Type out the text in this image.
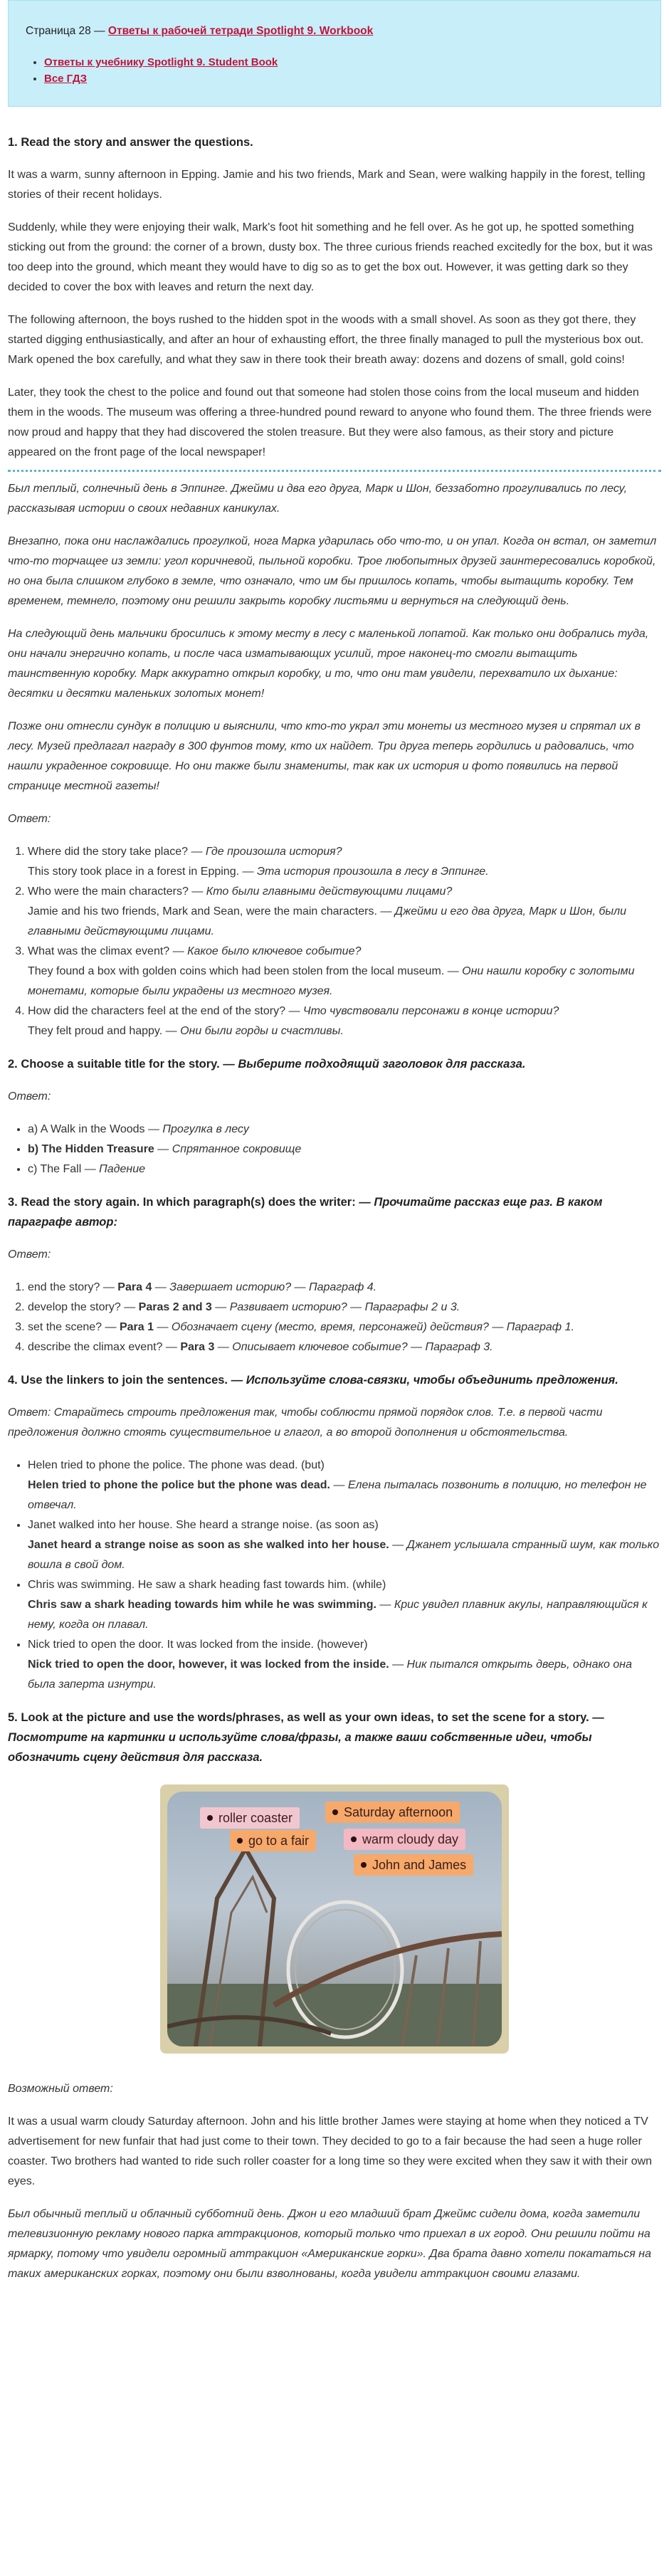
Страница 28 — Ответы к рабочей тетради Spotlight 9. Workbook
• Ответы к учебнику Spotlight 9. Student Book
• Все ГДЗ

1. Read the story and answer the questions.

It was a warm, sunny afternoon in Epping. Jamie and his two friends, Mark and Sean, were walking happily in the forest, telling stories of their recent holidays.

Suddenly, while they were enjoying their walk, Mark's foot hit something and he fell over. As he got up, he spotted something sticking out from the ground: the corner of a brown, dusty box. The three curious friends reached excitedly for the box, but it was too deep into the ground, which meant they would have to dig so as to get the box out. However, it was getting dark so they decided to cover the box with leaves and return the next day.

The following afternoon, the boys rushed to the hidden spot in the woods with a small shovel. As soon as they got there, they started digging enthusiastically, and after an hour of exhausting effort, the three finally managed to pull the mysterious box out. Mark opened the box carefully, and what they saw in there took their breath away: dozens and dozens of small, gold coins!

Later, they took the chest to the police and found out that someone had stolen those coins from the local museum and hidden them in the woods. The museum was offering a three-hundred pound reward to anyone who found them. The three friends were now proud and happy that they had discovered the stolen treasure. But they were also famous, as their story and picture appeared on the front page of the local newspaper!

Был теплый, солнечный день в Эппинге. Джейми и два его друга, Марк и Шон, беззаботно прогуливались по лесу, рассказывая истории о своих недавних каникулах.

Внезапно, пока они наслаждались прогулкой, нога Марка ударилась обо что-то, и он упал. Когда он встал, он заметил что-то торчащее из земли: угол коричневой, пыльной коробки. Трое любопытных друзей заинтересовались коробкой, но она была слишком глубоко в земле, что означало, что им бы пришлось копать, чтобы вытащить коробку. Тем временем, темнело, поэтому они решили закрыть коробку листьями и вернуться на следующий день.

На следующий день мальчики бросились к этому месту в лесу с маленькой лопатой. Как только они добрались туда, они начали энергично копать, и после часа изматывающих усилий, трое наконец-то смогли вытащить таинственную коробку. Марк аккуратно открыл коробку, и то, что они там увидели, перехватило их дыхание: десятки и десятки маленьких золотых монет!

Позже они отнесли сундук в полицию и выяснили, что кто-то украл эти монеты из местного музея и спрятал их в лесу. Музей предлагал награду в 300 фунтов тому, кто их найдет. Три друга теперь гордились и радовались, что нашли украденное сокровище. Но они также были знамениты, так как их история и фото появились на первой странице местной газеты!

Ответ:

1. Where did the story take place? — Где произошла история?
This story took place in a forest in Epping. — Эта история произошла в лесу в Эппинге.
2. Who were the main characters? — Кто были главными действующими лицами?
Jamie and his two friends, Mark and Sean, were the main characters. — Джейми и его два друга, Марк и Шон, были главными действующими лицами.
3. What was the climax event? — Какое было ключевое событие?
They found a box with golden coins which had been stolen from the local museum. — Они нашли коробку с золотыми монетами, которые были украдены из местного музея.
4. How did the characters feel at the end of the story? — Что чувствовали персонажи в конце истории?
They felt proud and happy. — Они были горды и счастливы.

2. Choose a suitable title for the story. — Выберите подходящий заголовок для рассказа.

Ответ:

• a) A Walk in the Woods — Прогулка в лесу
• b) The Hidden Treasure — Спрятанное сокровище
• c) The Fall — Падение

3. Read the story again. In which paragraph(s) does the writer: — Прочитайте рассказ еще раз. В каком параграфе автор:

Ответ:

1. end the story? — Para 4 — Завершает историю? — Параграф 4.
2. develop the story? — Paras 2 and 3 — Развивает историю? — Параграфы 2 и 3.
3. set the scene? — Para 1 — Обозначает сцену (место, время, персонажей) действия? — Параграф 1.
4. describe the climax event? — Para 3 — Описывает ключевое событие? — Параграф 3.

4. Use the linkers to join the sentences. — Используйте слова-связки, чтобы объединить предложения.

Ответ: Старайтесь строить предложения так, чтобы соблюсти прямой порядок слов. Т.е. в первой части предложения должно стоять существительное и глагол, а во второй дополнения и обстоятельства.

• Helen tried to phone the police. The phone was dead. (but)
Helen tried to phone the police but the phone was dead. — Елена пыталась позвонить в полицию, но телефон не отвечал.
• Janet walked into her house. She heard a strange noise. (as soon as)
Janet heard a strange noise as soon as she walked into her house. — Джанет услышала странный шум, как только вошла в свой дом.
• Chris was swimming. He saw a shark heading fast towards him. (while)
Chris saw a shark heading towards him while he was swimming. — Крис увидел плавник акулы, направляющийся к нему, когда он плавал.
• Nick tried to open the door. It was locked from the inside. (however)
Nick tried to open the door, however, it was locked from the inside. — Ник пытался открыть дверь, однако она была заперта изнутри.

5. Look at the picture and use the words/phrases, as well as your own ideas, to set the scene for a story. — Посмотрите на картинки и используйте слова/фразы, а также ваши собственные идеи, чтобы обозначить сцену действия для рассказа.

roller coaster	Saturday afternoon
go to a fair	warm cloudy day
John and James

Возможный ответ:

It was a usual warm cloudy Saturday afternoon. John and his little brother James were staying at home when they noticed a TV advertisement for new funfair that had just come to their town. They decided to go to a fair because the had seen a huge roller coaster. Two brothers had wanted to ride such roller coaster for a long time so they were excited when they saw it with their own eyes.

Был обычный теплый и облачный субботний день. Джон и его младший брат Джеймс сидели дома, когда заметили телевизионную рекламу нового парка аттракционов, который только что приехал в их город. Они решили пойти на ярмарку, потому что увидели огромный аттракцион «Американские горки». Два брата давно хотели покататься на таких американских горках, поэтому они были взволнованы, когда увидели аттракцион своими глазами.
